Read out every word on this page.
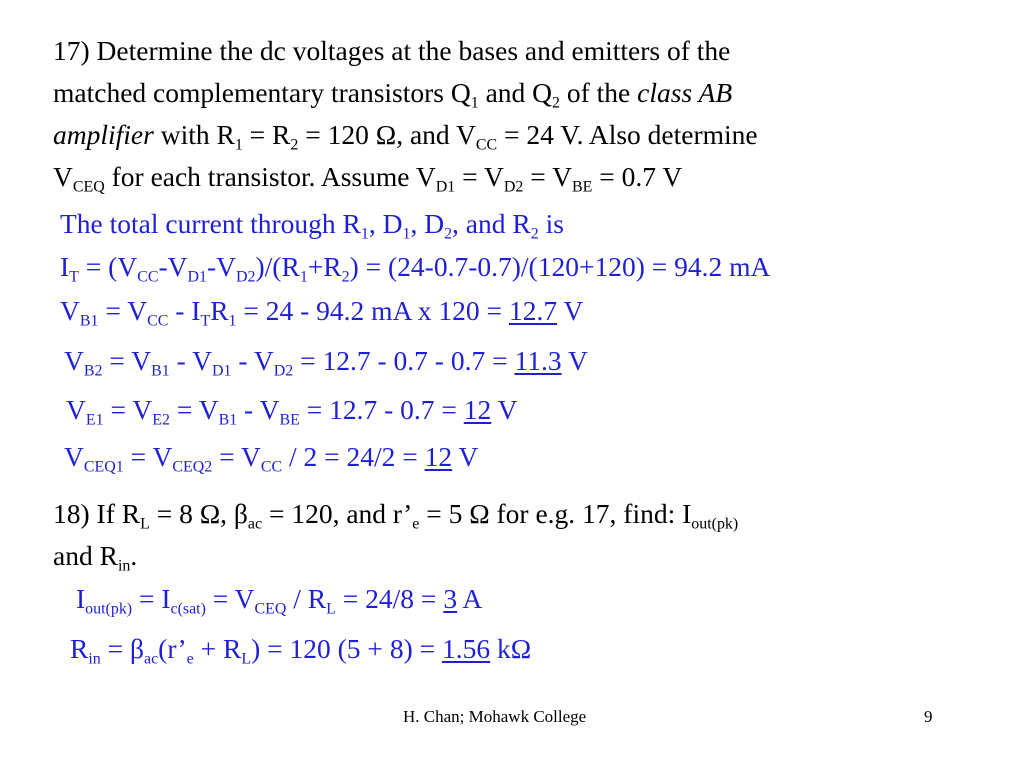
17) Determine the dc voltages at the bases and emitters of the
matched complementary transistors $Q_1$ and $Q_2$ of the class AB
amplifier with $R_1 = R_2 = 120$ Ω, and $V_{CC} = 24$ V. Also determine
$V_{CEQ}$ for each transistor. Assume $V_{D1} = V_{D2} = V_{BE} = 0.7$ V
The total current through $R_1$, $D_1$, $D_2$, and $R_2$ is
$I_T = (V_{CC}-V_{D1}-V_{D2})/(R_1+R_2) = (24-0.7-0.7)/(120+120) = 94.2$ mA
$V_{B1} = V_{CC} - I_TR_1 = 24 - 94.2$ mA x 120 = 12.7 V
$V_{B2} = V_{B1} - V_{D1} - V_{D2} = 12.7 - 0.7 - 0.7 = 11.3$ V
$V_{E1} = V_{E2} = V_{B1} - V_{BE} = 12.7 - 0.7 = 12$ V
$V_{CEQ1} = V_{CEQ2} = V_{CC} / 2 = 24/2 = 12$ V
18) If $R_L = 8$ Ω, $\beta_{ac} = 120$, and $r’_e = 5$ Ω for e.g. 17, find: $I_{out(pk)}$
and $R_{in}$.
$I_{out(pk)} = I_{c(sat)} = V_{CEQ} / R_L = 24/8 = 3$ A
$R_{in}$ = $\beta_{ac}(r’_e + R_L) = 120$ (5 + 8) = 1.56 kΩ
H. Chan; Mohawk College	9
